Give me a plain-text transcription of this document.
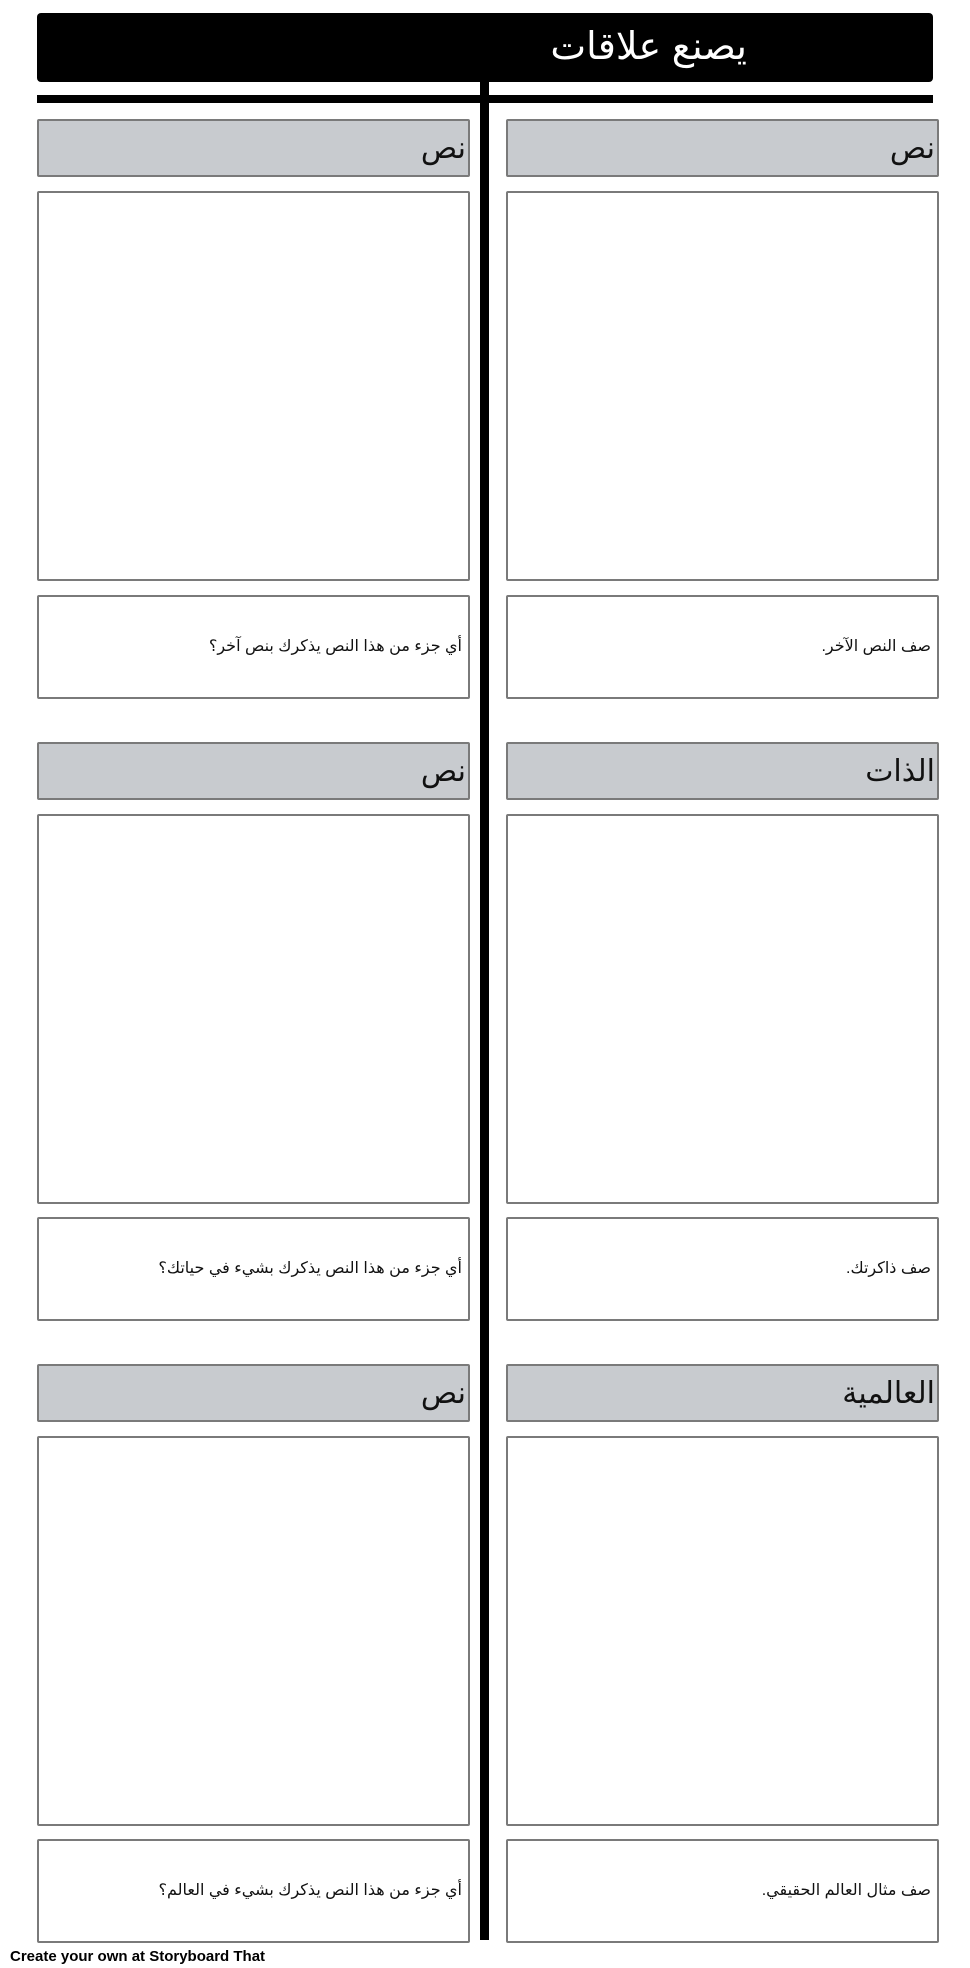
يصنع علاقات
نص	نص
أي جزء من هذا النص يذكرك بنص آخر؟	.صف النص الآخر
نص	الذات
أي جزء من هذا النص يذكرك بشيء في حياتك؟	.صف ذاكرتك
نص	العالمية
أي جزء من هذا النص يذكرك بشيء في العالم؟	.صف مثال العالم الحقيقي
Create your own at Storyboard That
